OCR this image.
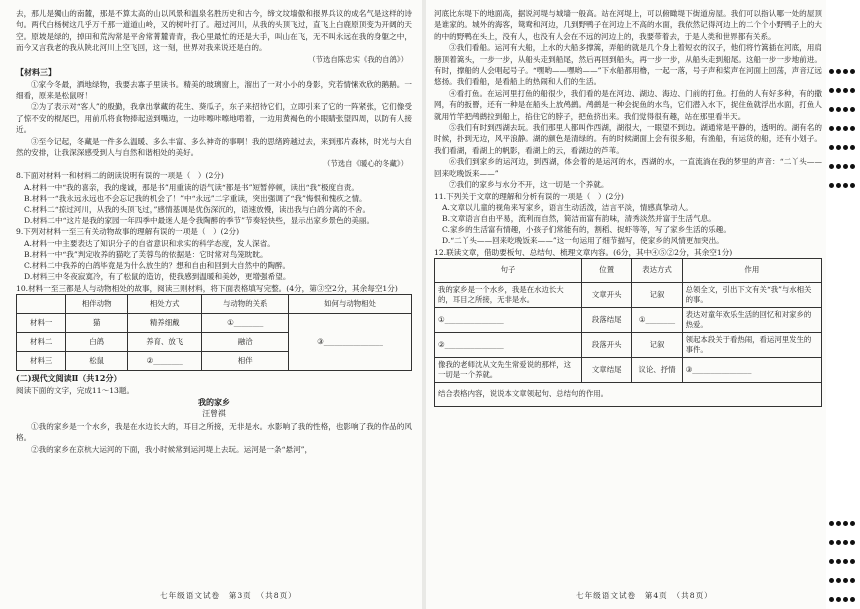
去，那儿是獨山的南麓，那是不算太高的山以风景和温泉名胜历史和古今，缔文坟墙傲和报界兵议的成名气是这样的诗句。两代白杨树这几乎万千那一道道山岭，又的树叶打了。超过河川，从我的头顶飞过，直飞上白鹿原顶变为开阔的天空。原坡是绿的，掉田和荒沟常是平舍常菁麓青青，我心里最忙的还是大手，叫山在飞，无不叫永远在我的身躯之中，而今又言我老的我从陕北河川上空飞回，这一刻，世界对我来说还是白的。

（节选自陈忠实《我的自鸽》）

【材料三】

①家今冬最，洒地绿物，我要去寡子里读书。精美的玻璃窗上，溜出了一对小小的身影，究若情愫欢欣的鹅鹅。一细看，原来是松鼠呀！

②为了表示对“客人”的殷勤，我拿出掌藏的花生、葵瓜子，东子来招待它们，立即引来了它的一阵紧张，它们像受了惊不安的棍尾巴，用前爪将食物捧起送到嘴边，一边咔嚓咔嚓地啃着，一边用黄褐色的小眼睛张望四周，以防有人接近。

③至今记起，冬藏是一件多么温暖、多么丰富、多么神奇的事啊！我的思绪跨越过去，来到那片森林，时光与大自然的安排，让我深深感受到人与自然和谐相处的美好。

（节选自《暖心的冬藏》）

8.下面对材料一和材料二的朗读说明有误的一项是（　）(2分)

A.材料一中“我的喜亲，我的虔诚，那是书”用重读的语气读“都是书”短暂停顿，读出“我”极度自责。

B.材料一“我永远永远也不会忘记我的机会了！”中“永远”二字重读，突出强调了“我”悔恨和愧疚之情。

C.材料二“掠过河川，从我的头顶飞过，”感情基调是优伤深沉的，语速放慢，读出我与白鸽分离的不舍。

D.材料二中“这片是我的家园一年四季中最迷人是令我陶醉的季节”节奏轻快些，显示出家乡景色的美丽。

9.下列对材料一至三有关动物故事的理解有误的一项是（　）(2分)

A.材料一中主要表达了知识分子的自省意识和求实的科学态度，发人深省。

B.材料一中“我”判定收养的猫吃了芙蓉鸟的依据是：它时常对鸟笼眈眈。

C.材料二中我养的白鸽毕竟是为什么放生的？想和自由和回到大自然中的陶醉。

D.材料三中冬夜寂寞冷，有了松鼠的造访，使我感到温暖和美妙，更增强希望。

10.材料一至三都是人与动物相处的故事，阅读三则材料，将下面表格填写完整。(4分，第③空2分，其余每空1分)

	相伴动物	相处方式	与动物的关系	如何与动物相处
材料一	猫	精养细戴	①________	③________________
材料二	白鸽	养育、放飞	融洽	
材料三	松鼠	②________	相伴	

(二)现代文阅读Ⅱ（共12分）

阅读下面的文字，完成11～13题。

我的家乡

汪曾祺

①我的家乡是一个水乡，我是在水边长大的，耳目之所接，无非是水。水影响了我的性格，也影响了我的作品的风格。

②我的家乡在京杭大运河的下面，我小时候常到运河堤上去玩。运河是一条“悬河”，

七年级语文试卷　第3页　（共8页）

河底比东堤下的地面高，据说河堤与城墙一般高。站在河堤上，可以俯瞰堤下街道房屋。我们可以指认哪一处的屋顶是谁家的。城外的海客，鸳鸯和河边，几到野鸭子在河边上不高的水面，我依然记得河边上的二个个小野鸭子上的大的中的野鸭在头上，没有人，也没有人会在不远的河边上的，我要带着去，于是人类和世界都有关系。

③我们看船。运河有大船，上水的大船多撑篙，弄船的就是几个身上着短衣的汉子，他们将竹篙插在河底，用肩膀顶着篙头，一步一步，从船头走到船尾，然后再回到船头，再一步一步，从船头走到船尾。这船一步一步地前进。有时，撑船的人会唱起号子。“嘿哟——嘿哟——”下水船都用橹，一起一落，号子声和桨声在河面上回荡，声音辽远悠扬。我们看船，是看船上的热闹和人们的生活。

④看打鱼。在运河里打鱼的船很少，我们看的是在河边、湖边、海边、门前的打鱼。打鱼的人有好多种，有的撒网，有的扳罾，还有一种是在船头上放鸬鹚。鸬鹚是一种会捉鱼的水鸟，它们潜入水下，捉住鱼就浮出水面，打鱼人就用竹竿把鸬鹚拉到船上，掐住它的脖子，把鱼挤出来。我们觉得很有趣，站在那里看半天。

⑤我们有时到西湖去玩。我们那里人都叫作西湖，湖很大，一眼望不到边。湖通常是平静的，透明的。湖有名的时候，扑到无边，风平浪静。湖的颜色是清绿的。有的时候湖面上会有很多船，有渔船，有运货的船，还有小划子。我们看湖，看湖上的帆影，看湖上的云，看湖边的芦苇。

⑥我们到家乡的运河边，到西湖，体会着的是运河的水，西湖的水，一直流淌在我的梦里的声音：“二丫头——回来吃晚饭来——”

⑦我们的家乡与水分不开，这一切是一个养就。

11.下列关于文章的理解和分析有误的一项是（　）(2分)

A.文章以儿童的视角来写家乡，语言生动活泼，洁言平淡，情感真挚动人。

B.文章语言自由平易，流利而自然，简洁而富有韵味，清秀淡然并富于生活气息。

C.家乡的生活富有情趣，小孩子们常能有的，割稻、捉虾等等，写了家乡生活的乐趣。

D.“二丫头——回来吃晚饭来——”这一句运用了细节描写，使家乡的风情更加突出。

12.联读文章，借助要板句、总结句、梳理文章内容。(6分，其中④⑤②2分，其余空1分)

句子	位置	表达方式	作用
我的家乡是一个水乡，我是在水边长大的，耳目之所接，无非是水。	文章开头	记叙	总领全文，引出下文有关“我”与水相关的事。
①________________	段落结尾	①________	表达对童年欢乐生活的回忆和对家乡的热爱。
②________________	段落开头	记叙	领起本段关于看热闹，看运河里发生的事件。
像我的老师沈从文先生常爱说的那样，这一切是一个养就。	文章结尾	议论、抒情	③________________
结合表格内容，说说本文章领起句、总结句的作用。			
七年级语文试卷　第4页　（共8页）
